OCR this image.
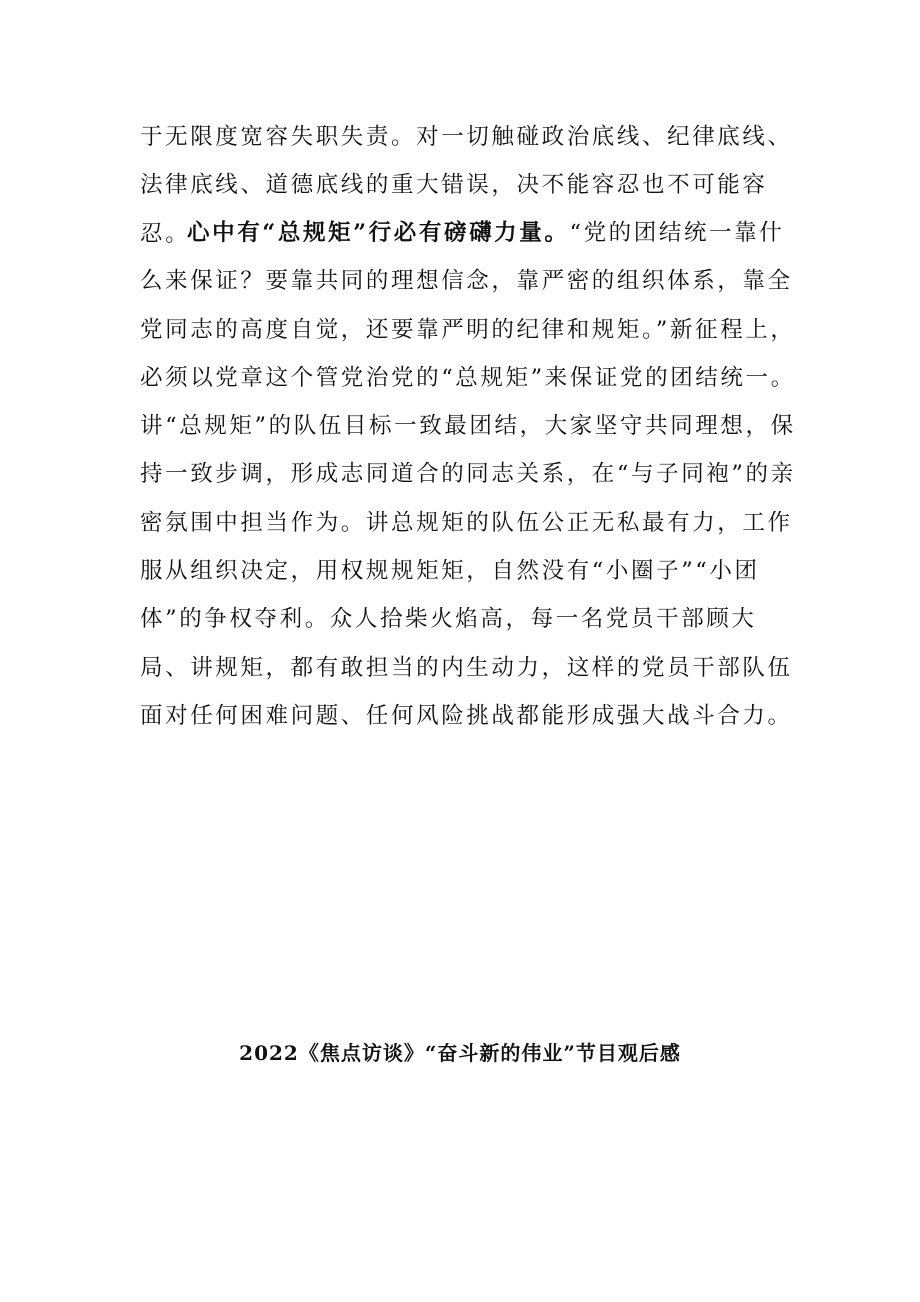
于无限度宽容失职失责。对一切触碰政治底线、纪律底线、法律底线、道德底线的重大错误，决不能容忍也不可能容忍。

心中有“总规矩”行必有磅礴力量。“党的团结统一靠什么来保证？要靠共同的理想信念，靠严密的组织体系，靠全党同志的高度自觉，还要靠严明的纪律和规矩。”新征程上，必须以党章这个管党治党的“总规矩”来保证党的团结统一。讲“总规矩”的队伍目标一致最团结，大家坚守共同理想，保持一致步调，形成志同道合的同志关系，在“与子同袍”的亲密氛围中担当作为。讲总规矩的队伍公正无私最有力，工作服从组织决定，用权规规矩矩，自然没有“小圈子”“小团体”的争权夺利。众人拾柴火焰高，每一名党员干部顾大局、讲规矩，都有敢担当的内生动力，这样的党员干部队伍面对任何困难问题、任何风险挑战都能形成强大战斗合力。

2022《焦点访谈》“奋斗新的伟业”节目观后感
